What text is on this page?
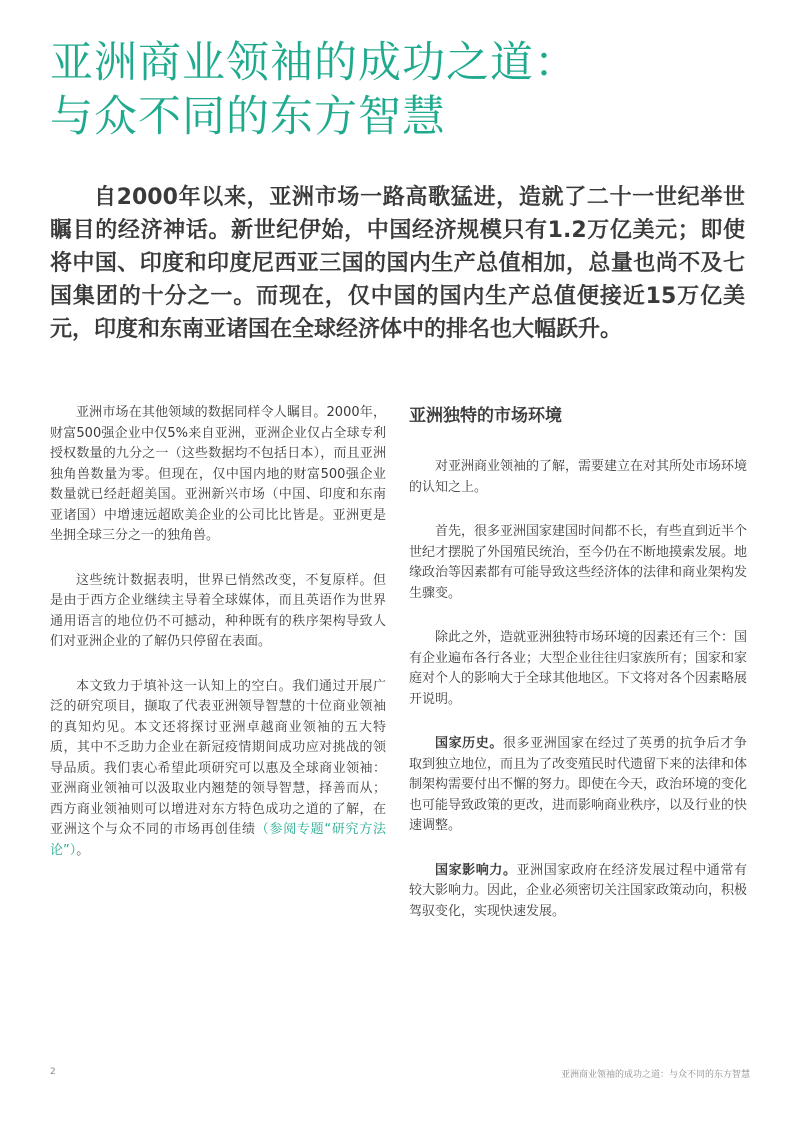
亚洲商业领袖的成功之道：
与众不同的东方智慧

自2000年以来，亚洲市场一路高歌猛进，造就了二十一世纪举世瞩目的经济神话。新世纪伊始，中国经济规模只有1.2万亿美元；即使将中国、印度和印度尼西亚三国的国内生产总值相加，总量也尚不及七国集团的十分之一。而现在，仅中国的国内生产总值便接近15万亿美元，印度和东南亚诸国在全球经济体中的排名也大幅跃升。

亚洲市场在其他领域的数据同样令人瞩目。2000年，财富500强企业中仅5%来自亚洲，亚洲企业仅占全球专利授权数量的九分之一（这些数据均不包括日本），而且亚洲独角兽数量为零。但现在，仅中国内地的财富500强企业数量就已经赶超美国。亚洲新兴市场（中国、印度和东南亚诸国）中增速远超欧美企业的公司比比皆是。亚洲更是坐拥全球三分之一的独角兽。

这些统计数据表明，世界已悄然改变，不复原样。但是由于西方企业继续主导着全球媒体，而且英语作为世界通用语言的地位仍不可撼动，种种既有的秩序架构导致人们对亚洲企业的了解仍只停留在表面。

本文致力于填补这一认知上的空白。我们通过开展广泛的研究项目，撷取了代表亚洲领导智慧的十位商业领袖的真知灼见。本文还将探讨亚洲卓越商业领袖的五大特质，其中不乏助力企业在新冠疫情期间成功应对挑战的领导品质。我们衷心希望此项研究可以惠及全球商业领袖：亚洲商业领袖可以汲取业内翘楚的领导智慧，择善而从；西方商业领袖则可以增进对东方特色成功之道的了解，在亚洲这个与众不同的市场再创佳绩（参阅专题“研究方法论”）。

亚洲独特的市场环境

对亚洲商业领袖的了解，需要建立在对其所处市场环境的认知之上。

首先，很多亚洲国家建国时间都不长，有些直到近半个世纪才摆脱了外国殖民统治，至今仍在不断地摸索发展。地缘政治等因素都有可能导致这些经济体的法律和商业架构发生骤变。

除此之外，造就亚洲独特市场环境的因素还有三个：国有企业遍布各行各业；大型企业往往归家族所有；国家和家庭对个人的影响大于全球其他地区。下文将对各个因素略展开说明。

国家历史。很多亚洲国家在经过了英勇的抗争后才争取到独立地位，而且为了改变殖民时代遗留下来的法律和体制架构需要付出不懈的努力。即使在今天，政治环境的变化也可能导致政策的更改，进而影响商业秩序，以及行业的快速调整。

国家影响力。亚洲国家政府在经济发展过程中通常有较大影响力。因此，企业必须密切关注国家政策动向，积极驾驭变化，实现快速发展。

2	亚洲商业领袖的成功之道：与众不同的东方智慧
